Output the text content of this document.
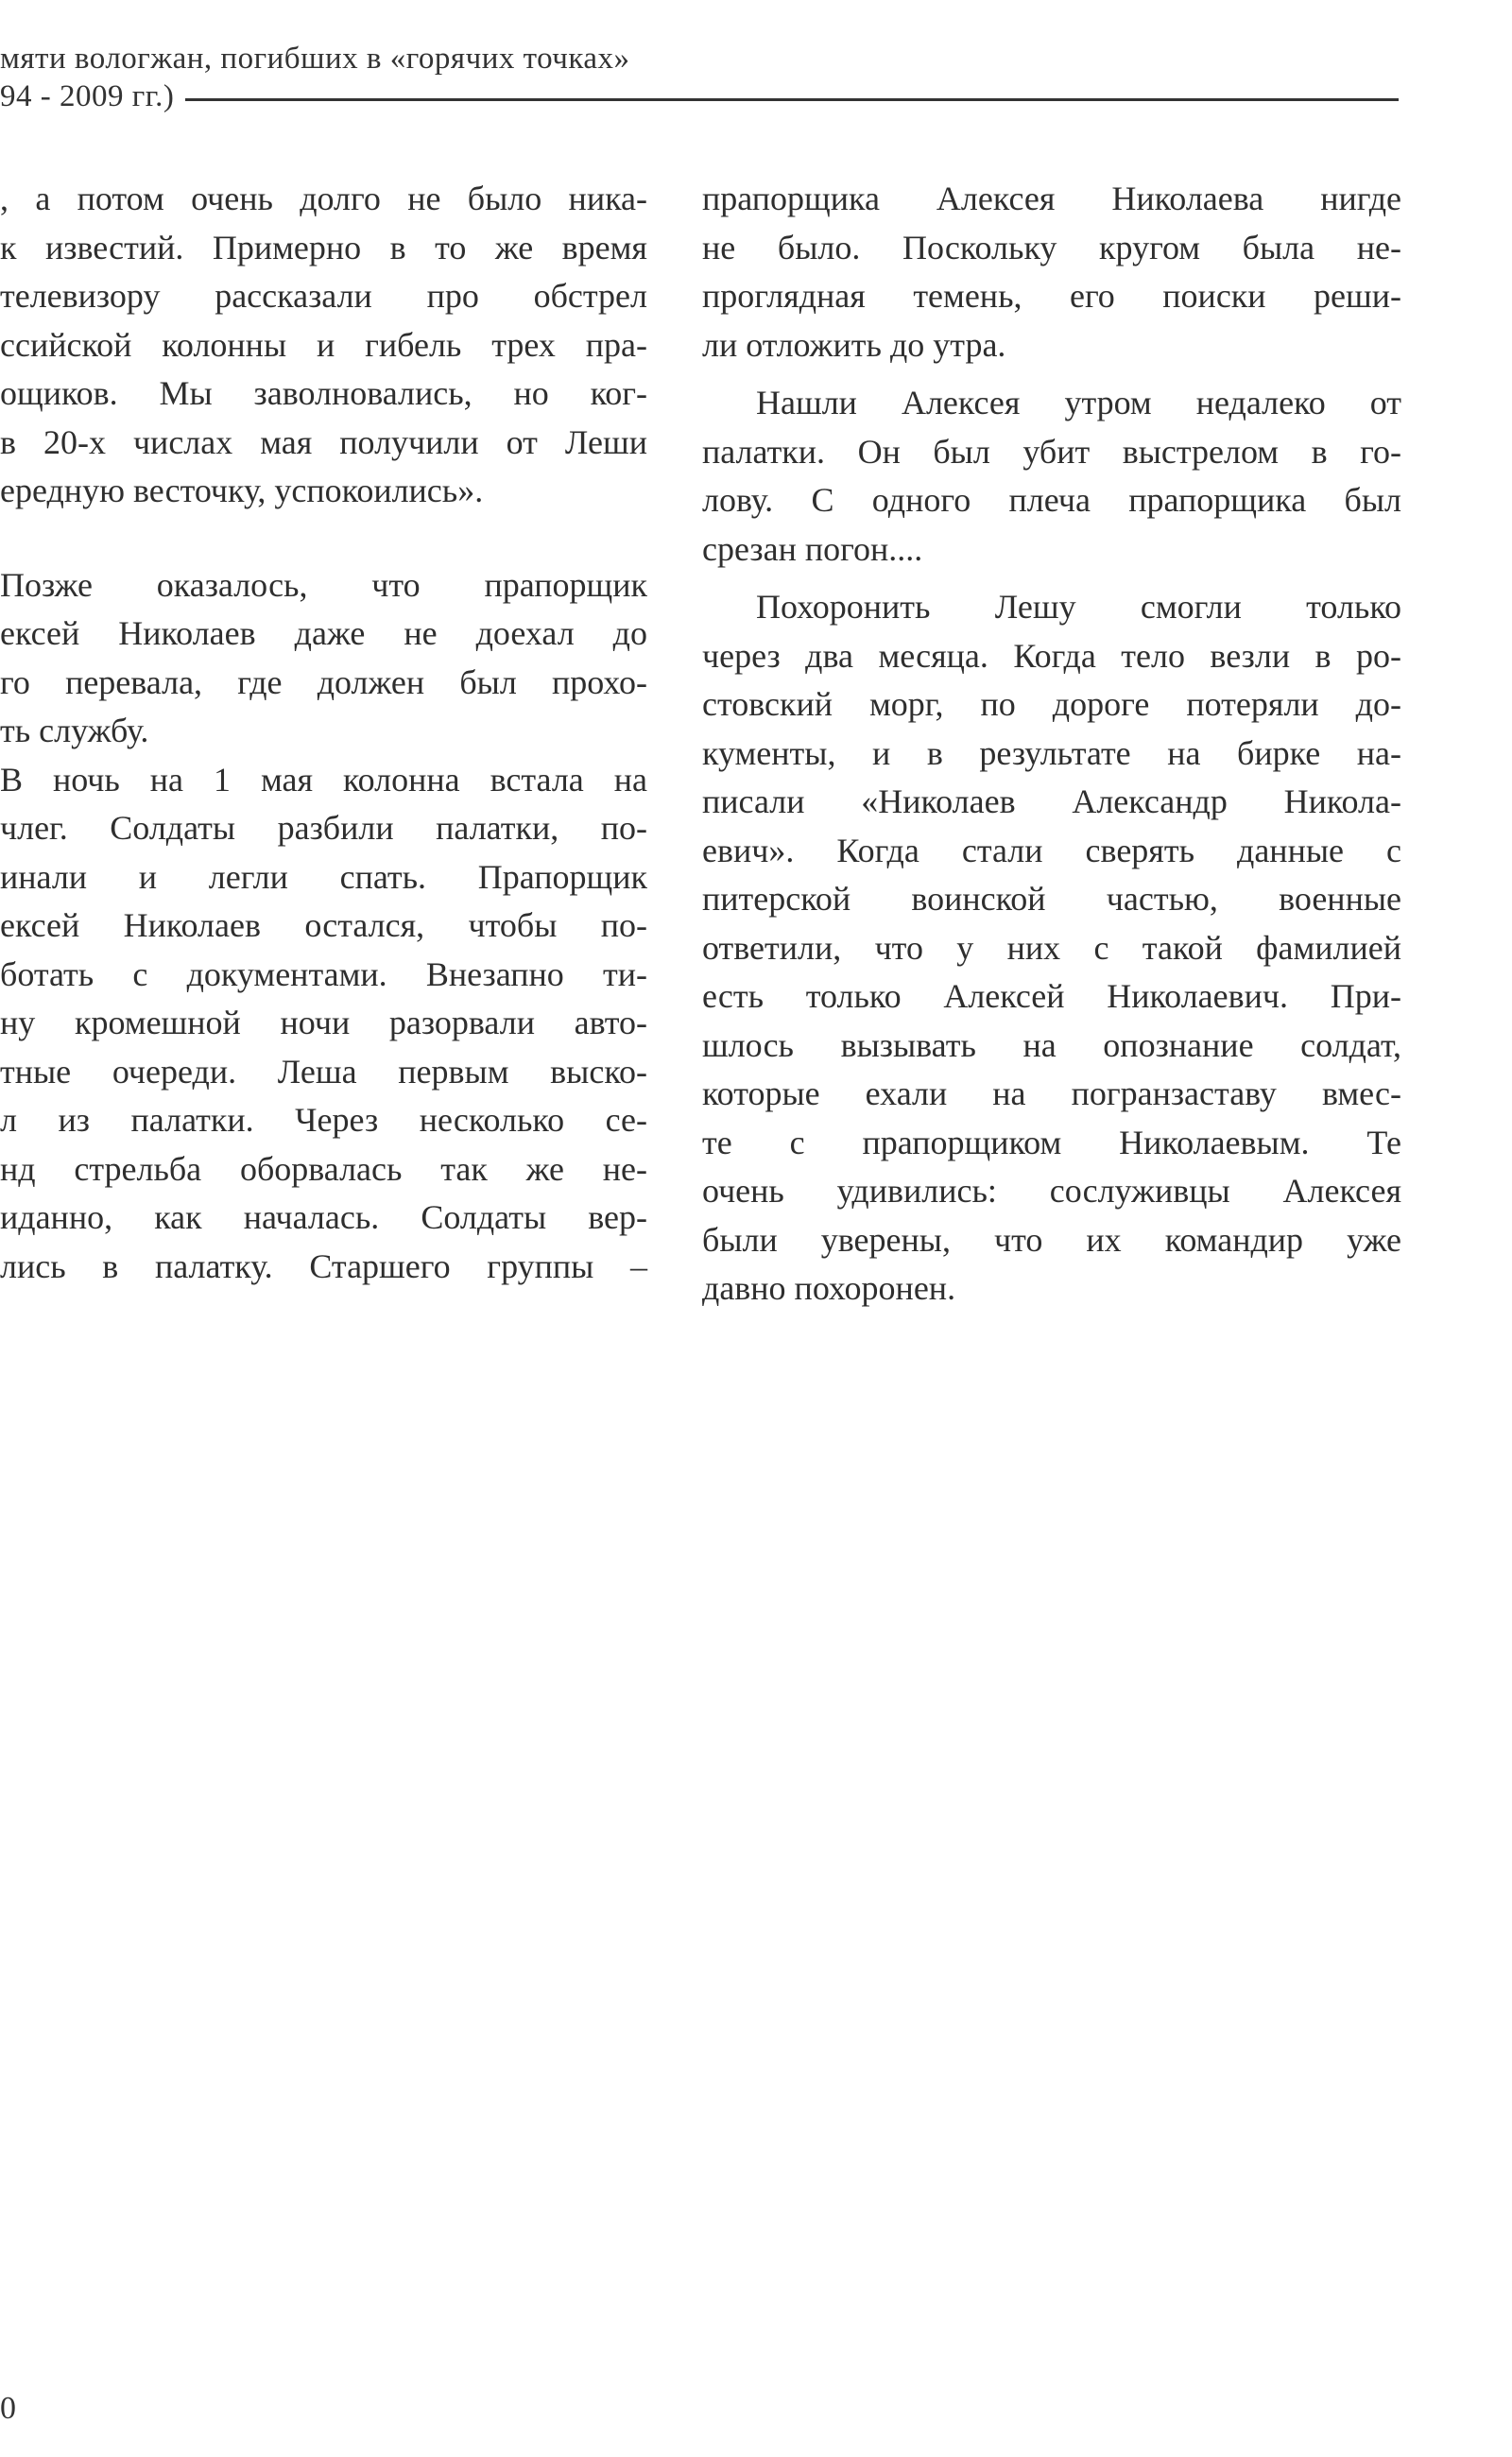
мяти вологжан, погибших в «горячих точках»
94 - 2009 гг.)
, а потом очень долго не было ника-
к известий. Примерно в то же время
телевизору рассказали про обстрел
ссийской колонны и гибель трех пра-
ощиков. Мы заволновались, но ког-
в 20-х числах мая получили от Леши
ередную весточку, успокоились».
Позже оказалось, что прапорщик
ексей Николаев даже не доехал до
го перевала, где должен был прохо-
ть службу.
В ночь на 1 мая колонна встала на
члег. Солдаты разбили палатки, по-
инали и легли спать. Прапорщик
ексей Николаев остался, чтобы по-
ботать с документами. Внезапно ти-
ну кромешной ночи разорвали авто-
тные очереди. Леша первым выско-
л из палатки. Через несколько се-
нд стрельба оборвалась так же не-
иданно, как началась. Солдаты вер-
лись в палатку. Старшего группы –
прапорщика Алексея Николаева нигде
не было. Поскольку кругом была не-
проглядная темень, его поиски реши-
ли отложить до утра.
Нашли Алексея утром недалеко от
палатки. Он был убит выстрелом в го-
лову. С одного плеча прапорщика был
срезан погон....
Похоронить Лешу смогли только
через два месяца. Когда тело везли в ро-
стовский морг, по дороге потеряли до-
кументы, и в результате на бирке на-
писали «Николаев Александр Никола-
евич». Когда стали сверять данные с
питерской воинской частью, военные
ответили, что у них с такой фамилией
есть только Алексей Николаевич. При-
шлось вызывать на опознание солдат,
которые ехали на погранзаставу вмес-
те с прапорщиком Николаевым. Те
очень удивились: сослуживцы Алексея
были уверены, что их командир уже
давно похоронен.
0
